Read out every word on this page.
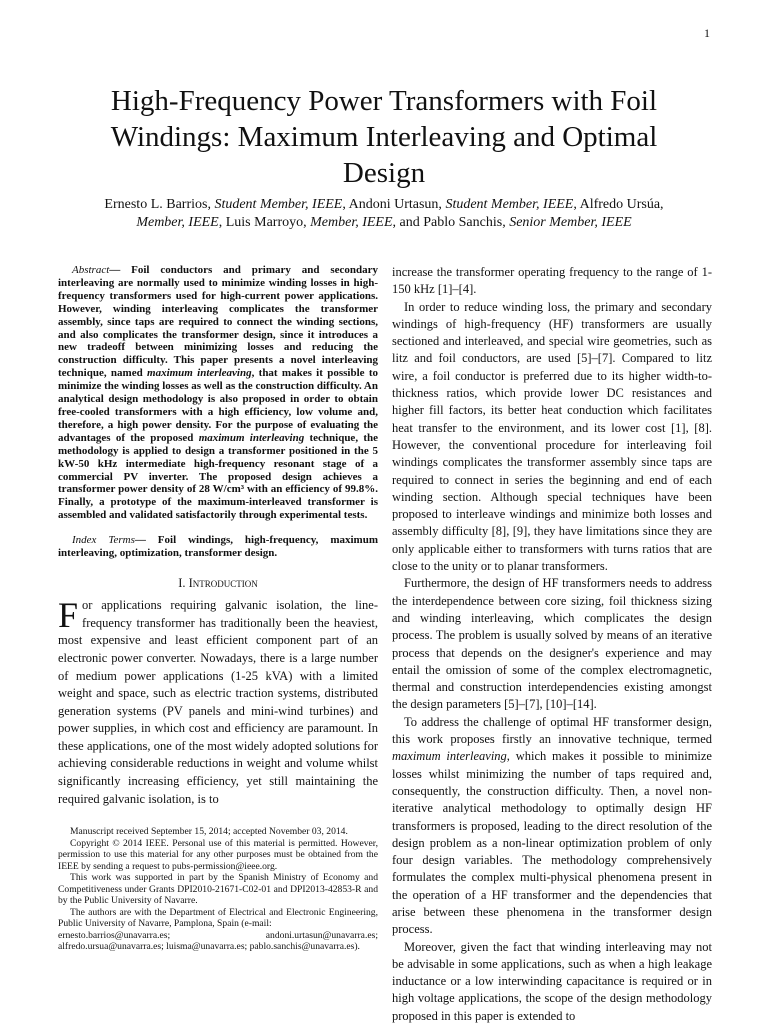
1
High-Frequency Power Transformers with Foil Windings: Maximum Interleaving and Optimal Design

Ernesto L. Barrios, Student Member, IEEE, Andoni Urtasun, Student Member, IEEE, Alfredo Ursúa,
Member, IEEE, Luis Marroyo, Member, IEEE, and Pablo Sanchis, Senior Member, IEEE

Abstract— Foil conductors and primary and secondary interleaving are normally used to minimize winding losses in high-frequency transformers used for high-current power applications. However, winding interleaving complicates the transformer assembly, since taps are required to connect the winding sections, and also complicates the transformer design, since it introduces a new tradeoff between minimizing losses and reducing the construction difficulty. This paper presents a novel interleaving technique, named maximum interleaving, that makes it possible to minimize the winding losses as well as the construction difficulty. An analytical design methodology is also proposed in order to obtain free-cooled transformers with a high efficiency, low volume and, therefore, a high power density. For the purpose of evaluating the advantages of the proposed maximum interleaving technique, the methodology is applied to design a transformer positioned in the 5 kW-50 kHz intermediate high-frequency resonant stage of a commercial PV inverter. The proposed design achieves a transformer power density of 28 W/cm³ with an efficiency of 99.8%. Finally, a prototype of the maximum-interleaved transformer is assembled and validated satisfactorily through experimental tests.

Index Terms— Foil windings, high-frequency, maximum interleaving, optimization, transformer design.

I. Introduction

For applications requiring galvanic isolation, the line-frequency transformer has traditionally been the heaviest, most expensive and least efficient component part of an electronic power converter. Nowadays, there is a large number of medium power applications (1-25 kVA) with a limited weight and space, such as electric traction systems, distributed generation systems (PV panels and mini-wind turbines) and power supplies, in which cost and efficiency are paramount. In these applications, one of the most widely adopted solutions for achieving considerable reductions in weight and volume whilst significantly increasing efficiency, yet still maintaining the required galvanic isolation, is to

Manuscript received September 15, 2014; accepted November 03, 2014.

Copyright © 2014 IEEE. Personal use of this material is permitted. However, permission to use this material for any other purposes must be obtained from the IEEE by sending a request to pubs-permission@ieee.org.

This work was supported in part by the Spanish Ministry of Economy and Competitiveness under Grants DPI2010-21671-C02-01 and DPI2013-42853-R and by the Public University of Navarre.

The authors are with the Department of Electrical and Electronic Engineering, Public University of Navarre, Pamplona, Spain (e-mail:

ernesto.barrios@unavarra.es;	andoni.urtasun@unavarra.es;
alfredo.ursua@unavarra.es; luisma@unavarra.es; pablo.sanchis@unavarra.es).

increase the transformer operating frequency to the range of 1-150 kHz [1]–[4].

In order to reduce winding loss, the primary and secondary windings of high-frequency (HF) transformers are usually sectioned and interleaved, and special wire geometries, such as litz and foil conductors, are used [5]–[7]. Compared to litz wire, a foil conductor is preferred due to its higher width-to-thickness ratios, which provide lower DC resistances and higher fill factors, its better heat conduction which facilitates heat transfer to the environment, and its lower cost [1], [8]. However, the conventional procedure for interleaving foil windings complicates the transformer assembly since taps are required to connect in series the beginning and end of each winding section. Although special techniques have been proposed to interleave windings and minimize both losses and assembly difficulty [8], [9], they have limitations since they are only applicable either to transformers with turns ratios that are close to the unity or to planar transformers.

Furthermore, the design of HF transformers needs to address the interdependence between core sizing, foil thickness sizing and winding interleaving, which complicates the design process. The problem is usually solved by means of an iterative process that depends on the designer's experience and may entail the omission of some of the complex electromagnetic, thermal and construction interdependencies existing amongst the design parameters [5]–[7], [10]–[14].

To address the challenge of optimal HF transformer design, this work proposes firstly an innovative technique, termed maximum interleaving, which makes it possible to minimize losses whilst minimizing the number of taps required and, consequently, the construction difficulty. Then, a novel non-iterative analytical methodology to optimally design HF transformers is proposed, leading to the direct resolution of the design problem as a non-linear optimization problem of only four design variables. The methodology comprehensively formulates the complex multi-physical phenomena present in the operation of a HF transformer and the dependencies that arise between these phenomena in the transformer design process.

Moreover, given the fact that winding interleaving may not be advisable in some applications, such as when a high leakage inductance or a low interwinding capacitance is required or in high voltage applications, the scope of the design methodology proposed in this paper is extended to
